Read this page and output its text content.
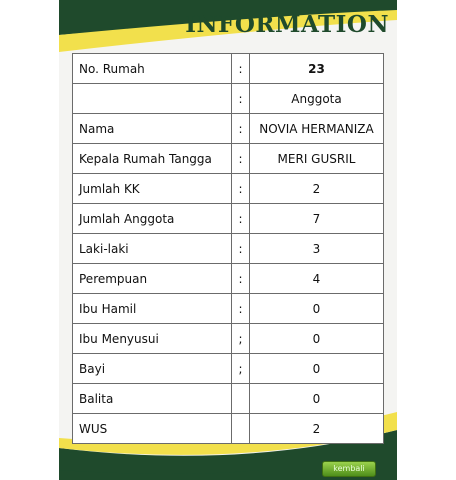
INFORMATION
No. Rumah	:	23
	:	Anggota
Nama	:	NOVIA HERMANIZA
Kepala Rumah Tangga	:	MERI GUSRIL
Jumlah KK	:	2
Jumlah Anggota	:	7
Laki-laki	:	3
Perempuan	:	4
Ibu Hamil	:	0
Ibu Menyusui	;	0
Bayi	;	0
Balita		0
WUS		2
kembali
